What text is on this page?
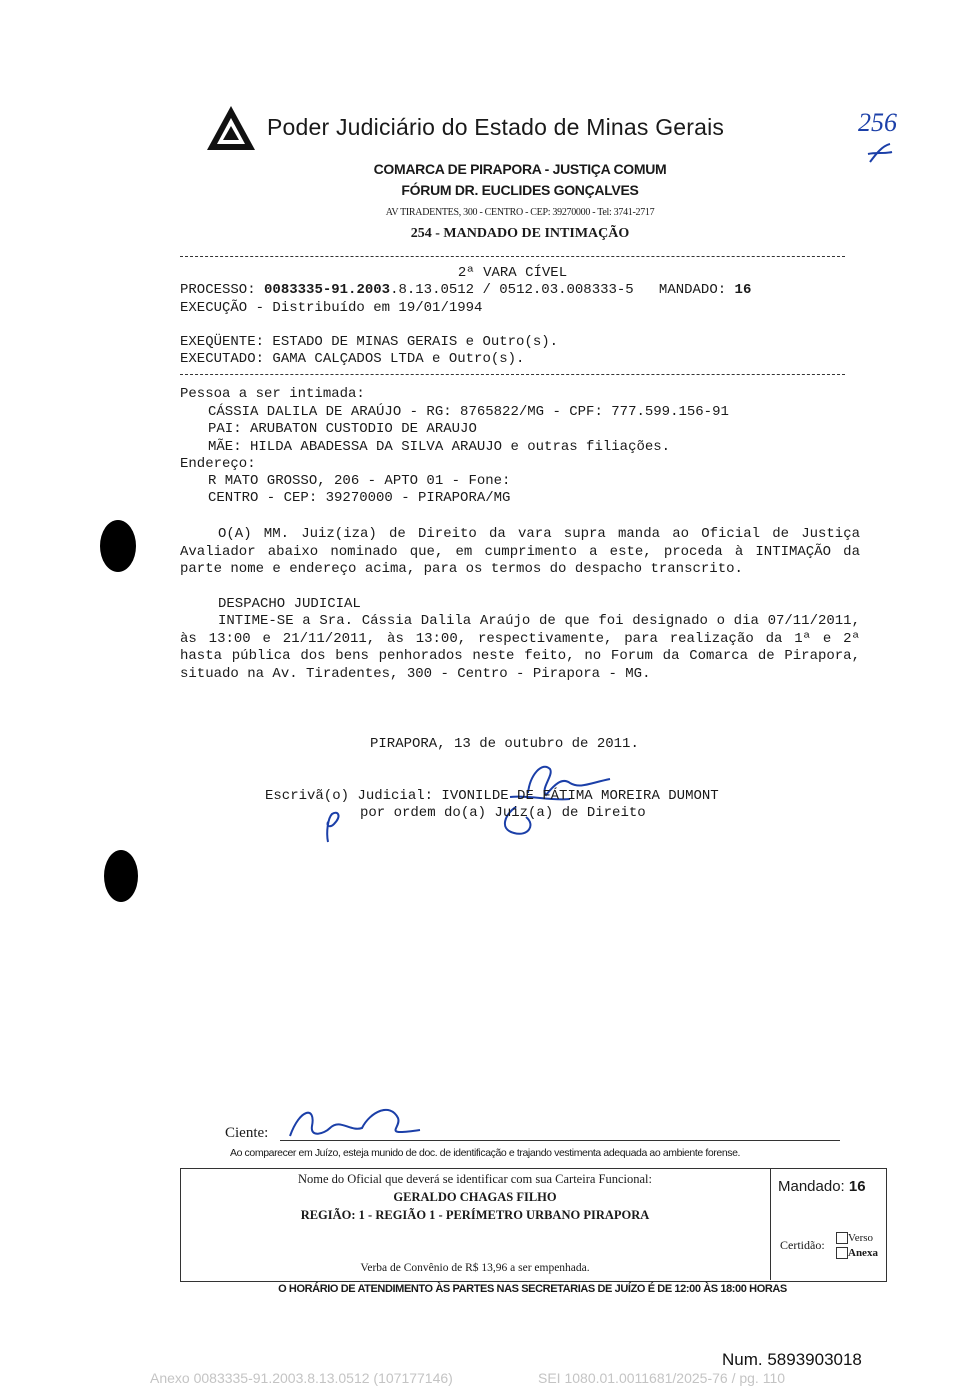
Poder Judiciário do Estado de Minas Gerais	256
COMARCA DE PIRAPORA - JUSTIÇA COMUM
FÓRUM DR. EUCLIDES GONÇALVES
AV TIRADENTES, 300 - CENTRO - CEP: 39270000 - Tel: 3741-2717
254 - MANDADO DE INTIMAÇÃO
2ª VARA CÍVEL
PROCESSO: 0083335-91.2003.8.13.0512 / 0512.03.008333-5 MANDADO: 16
EXECUÇÃO - Distribuído em 19/01/1994
EXEQÜENTE: ESTADO DE MINAS GERAIS e Outro(s).
EXECUTADO: GAMA CALÇADOS LTDA e Outro(s).
Pessoa a ser intimada:
CÁSSIA DALILA DE ARAÚJO - RG: 8765822/MG - CPF: 777.599.156-91
PAI: ARUBATON CUSTODIO DE ARAUJO
MÃE: HILDA ABADESSA DA SILVA ARAUJO e outras filiações.
Endereço:
R MATO GROSSO, 206 - APTO 01 - Fone:
CENTRO - CEP: 39270000 - PIRAPORA/MG
O(A) MM. Juiz(iza) de Direito da vara supra manda ao Oficial de Justiça Avaliador abaixo nominado que, em cumprimento a este, proceda à INTIMAÇÃO da parte nome e endereço acima, para os termos do despacho transcrito.
DESPACHO JUDICIAL
INTIME-SE a Sra. Cássia Dalila Araújo de que foi designado o dia 07/11/2011, às 13:00 e 21/11/2011, às 13:00, respectivamente, para realização da 1ª e 2ª hasta pública dos bens penhorados neste feito, no Forum da Comarca de Pirapora, situado na Av. Tiradentes, 300 - Centro - Pirapora - MG.
PIRAPORA, 13 de outubro de 2011.
Escrivã(o) Judicial: IVONILDE DE FÁTIMA MOREIRA DUMONT
por ordem do(a) Juiz(a) de Direito
Ciente:
Ao comparecer em Juízo, esteja munido de doc. de identificação e trajando vestimenta adequada ao ambiente forense.
Nome do Oficial que deverá se identificar com sua Carteira Funcional:
GERALDO CHAGAS FILHO
REGIÃO: 1 - REGIÃO 1 - PERÍMETRO URBANO PIRAPORA
Verba de Convênio de R$ 13,96 a ser empenhada.
Mandado: 16
Certidão:	Verso
Anexa
O HORÁRIO DE ATENDIMENTO ÀS PARTES NAS SECRETARIAS DE JUÍZO É DE 12:00 ÀS 18:00 HORAS
Num. 5893903018
Anexo 0083335-91.2003.8.13.0512 (107177146)	SEI 1080.01.0011681/2025-76 / pg. 110
